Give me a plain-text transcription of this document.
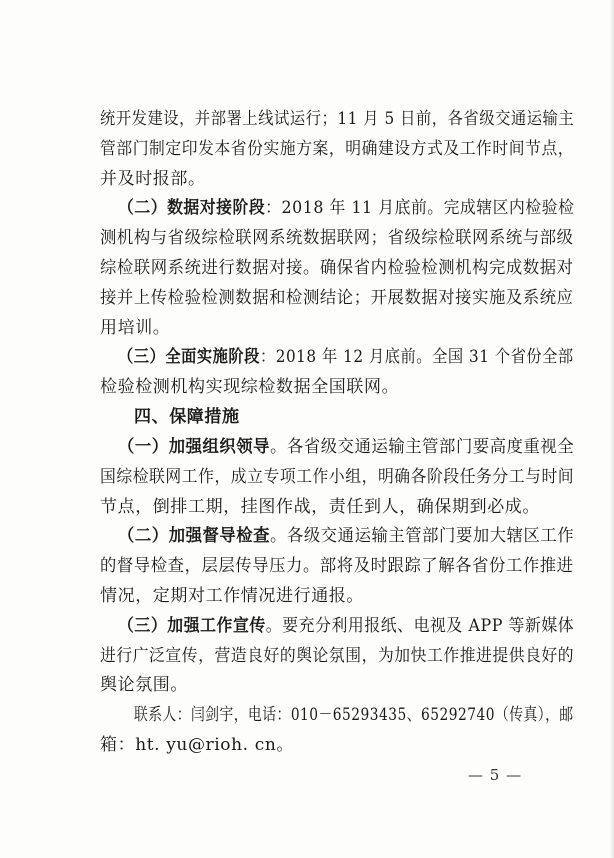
统开发建设，并部署上线试运行；11 月 5 日前，各省级交通运输主
管部门制定印发本省份实施方案，明确建设方式及工作时间节点，
并及时报部。
（二）数据对接阶段：2018 年 11 月底前。完成辖区内检验检
测机构与省级综检联网系统数据联网；省级综检联网系统与部级
综检联网系统进行数据对接。确保省内检验检测机构完成数据对
接并上传检验检测数据和检测结论；开展数据对接实施及系统应
用培训。
（三）全面实施阶段：2018 年 12 月底前。全国 31 个省份全部
检验检测机构实现综检数据全国联网。
四、保障措施
（一）加强组织领导。各省级交通运输主管部门要高度重视全
国综检联网工作，成立专项工作小组，明确各阶段任务分工与时间
节点，倒排工期，挂图作战，责任到人，确保期到必成。
（二）加强督导检查。各级交通运输主管部门要加大辖区工作
的督导检查，层层传导压力。部将及时跟踪了解各省份工作推进
情况，定期对工作情况进行通报。
（三）加强工作宣传。要充分利用报纸、电视及 APP 等新媒体
进行广泛宣传，营造良好的舆论氛围，为加快工作推进提供良好的
舆论氛围。
联系人：闫剑宇，电话：010－65293435、65292740（传真），邮
箱：ht. yu@rioh. cn。
— 5 —
